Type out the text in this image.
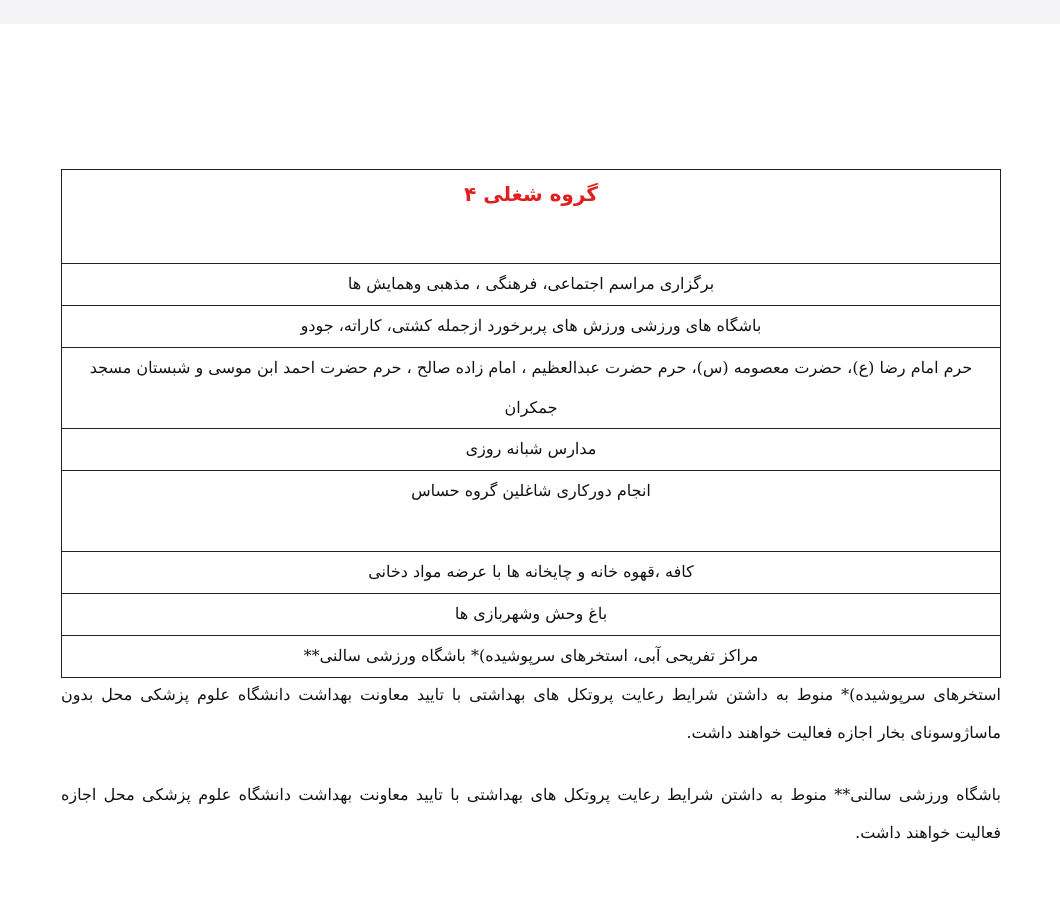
گروه شغلی ۴
برگزاری مراسم اجتماعی، فرهنگی ، مذهبی وهمایش ها
باشگاه های ورزشی ورزش های پربرخورد ازجمله کشتی، کاراته، جودو
حرم امام رضا (ع)، حضرت معصومه (س)، حرم حضرت عبدالعظیم ، امام زاده صالح ، حرم حضرت احمد ابن موسی و شبستان مسجد جمکران
مدارس شبانه روزی
انجام دورکاری شاغلین گروه حساس
کافه ،قهوه خانه و چایخانه ها با عرضه مواد دخانی
باغ وحش وشهربازی ها
مراکز تفریحی آبی، استخرهای سرپوشیده)* باشگاه ورزشی سالنی**

استخرهای سرپوشیده)* منوط به داشتن شرایط رعایت پروتکل های بهداشتی با تایید معاونت بهداشت دانشگاه علوم پزشکی محل بدون ماساژوسونای بخار اجازه فعالیت خواهند داشت.

باشگاه ورزشی سالنی** منوط به داشتن شرایط رعایت پروتکل های بهداشتی با تایید معاونت بهداشت دانشگاه علوم پزشکی محل اجازه فعالیت خواهند داشت.
